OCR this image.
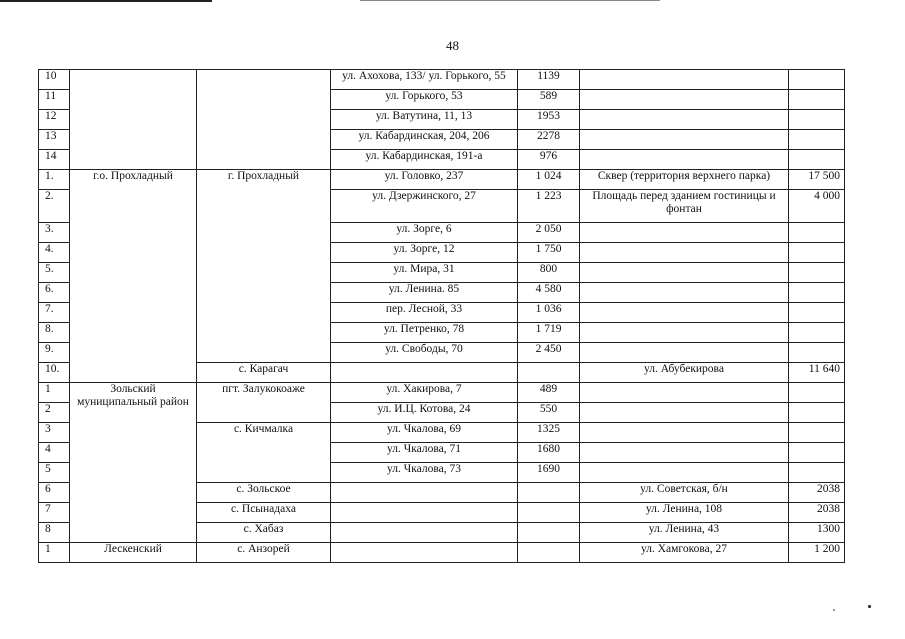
48
10			ул. Ахохова, 133/ ул. Горького, 55	1139		
11			ул. Горького, 53	589		
12			ул. Ватутина, 11, 13	1953		
13			ул. Кабардинская, 204, 206	2278		
14			ул. Кабардинская, 191-а	976		
1.	г.о. Прохладный	г. Прохладный	ул. Головко, 237	1 024	Сквер (территория верхнего парка)	17 500
2.			ул. Дзержинского, 27	1 223	Площадь перед зданием гостиницы и фонтан	4 000
3.			ул. Зорге, 6	2 050		
4.			ул. Зорге, 12	1 750		
5.			ул. Мира, 31	800		
6.			ул. Ленина. 85	4 580		
7.			пер. Лесной, 33	1 036		
8.			ул. Петренко, 78	1 719		
9.			ул. Свободы, 70	2 450		
10.		с. Карагач			ул. Абубекирова	11 640
1	Зольский муниципальный район	пгт. Залукокоаже	ул. Хакирова, 7	489		
2			ул. И.Ц. Котова, 24	550		
3		с. Кичмалка	ул. Чкалова, 69	1325		
4			ул. Чкалова, 71	1680		
5			ул. Чкалова, 73	1690		
6		с. Зольское			ул. Советская, б/н	2038
7		с. Псынадаха			ул. Ленина, 108	2038
8		с. Хабаз			ул. Ленина, 43	1300
1	Лескенский	с. Анзорей			ул. Хамгокова, 27	1 200
